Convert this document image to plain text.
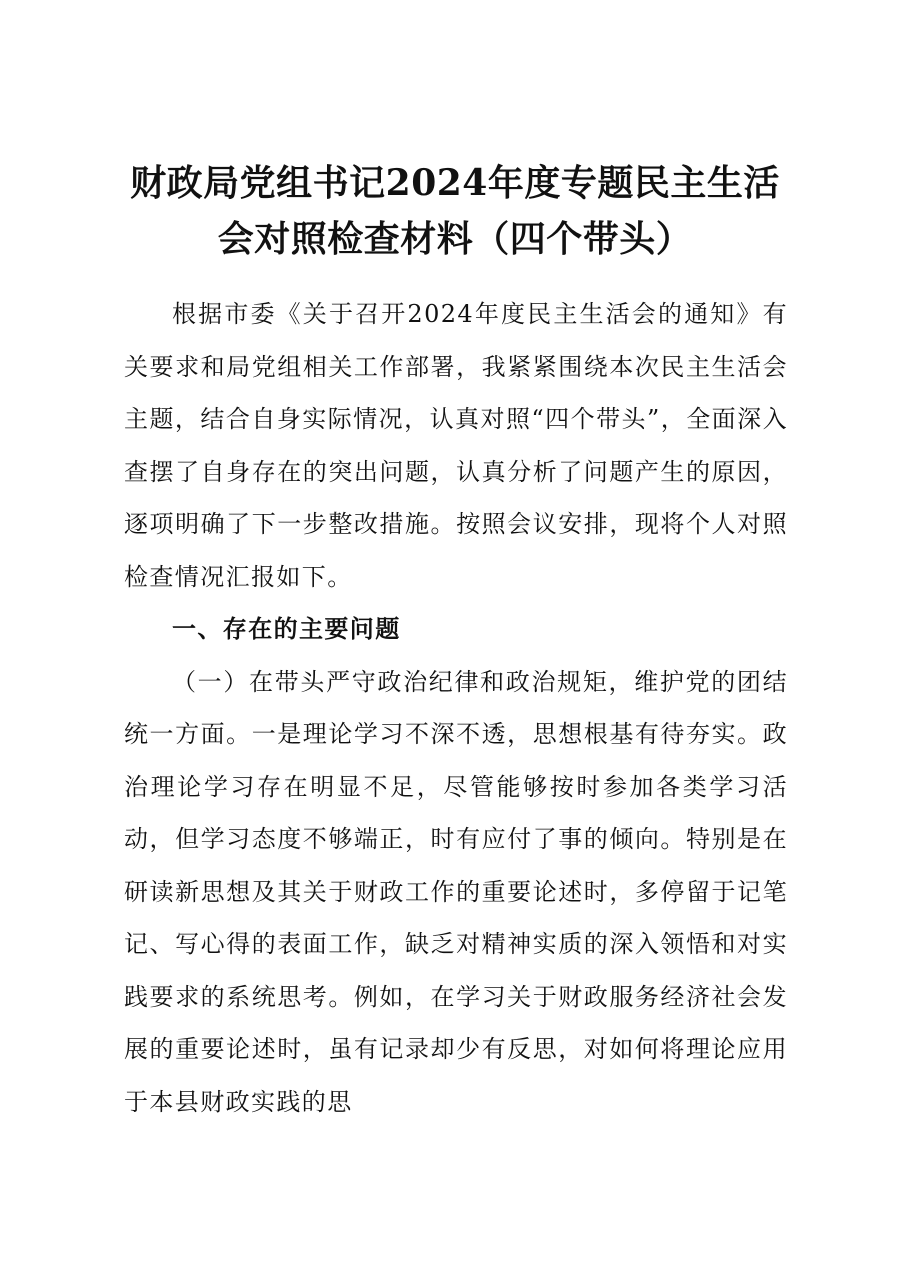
财政局党组书记2024年度专题民主生活会对照检查材料（四个带头）

根据市委《关于召开2024年度民主生活会的通知》有关要求和局党组相关工作部署，我紧紧围绕本次民主生活会主题，结合自身实际情况，认真对照“四个带头”，全面深入查摆了自身存在的突出问题，认真分析了问题产生的原因，逐项明确了下一步整改措施。按照会议安排，现将个人对照检查情况汇报如下。

一、存在的主要问题

（一）在带头严守政治纪律和政治规矩，维护党的团结统一方面。一是理论学习不深不透，思想根基有待夯实。政治理论学习存在明显不足，尽管能够按时参加各类学习活动，但学习态度不够端正，时有应付了事的倾向。特别是在研读新思想及其关于财政工作的重要论述时，多停留于记笔记、写心得的表面工作，缺乏对精神实质的深入领悟和对实践要求的系统思考。例如，在学习关于财政服务经济社会发展的重要论述时，虽有记录却少有反思，对如何将理论应用于本县财政实践的思
